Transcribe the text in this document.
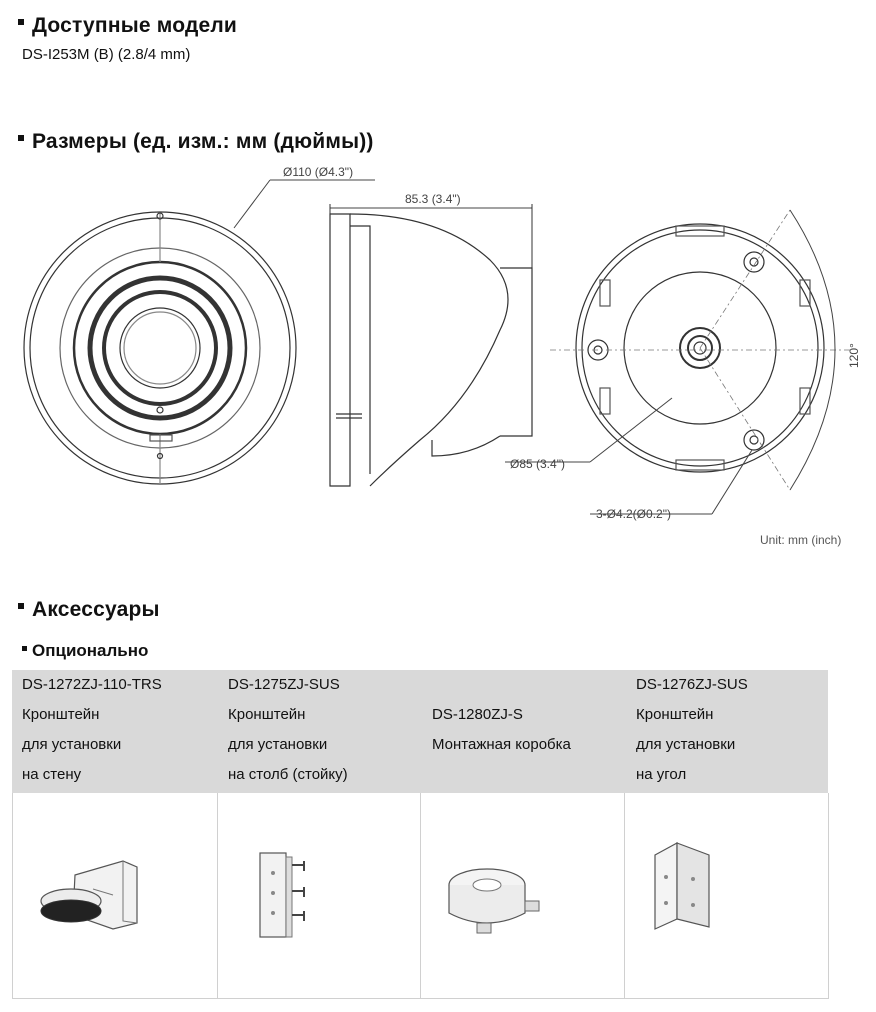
Доступные модели
DS-I253M (B) (2.8/4 mm)
Размеры (ед. изм.: мм (дюймы))
Ø110 (Ø4.3")
85.3 (3.4")
Ø85 (3.4")
3-Ø4.2(Ø0.2")
120°
Unit: mm (inch)
Аксессуары
Опционально
DS-1272ZJ-110-TRS
Кронштейн
для установки
на стену
DS-1275ZJ-SUS
Кронштейн
для установки
на столб (стойку)
DS-1280ZJ-S
Монтажная коробка
DS-1276ZJ-SUS
Кронштейн
для установки
на угол
